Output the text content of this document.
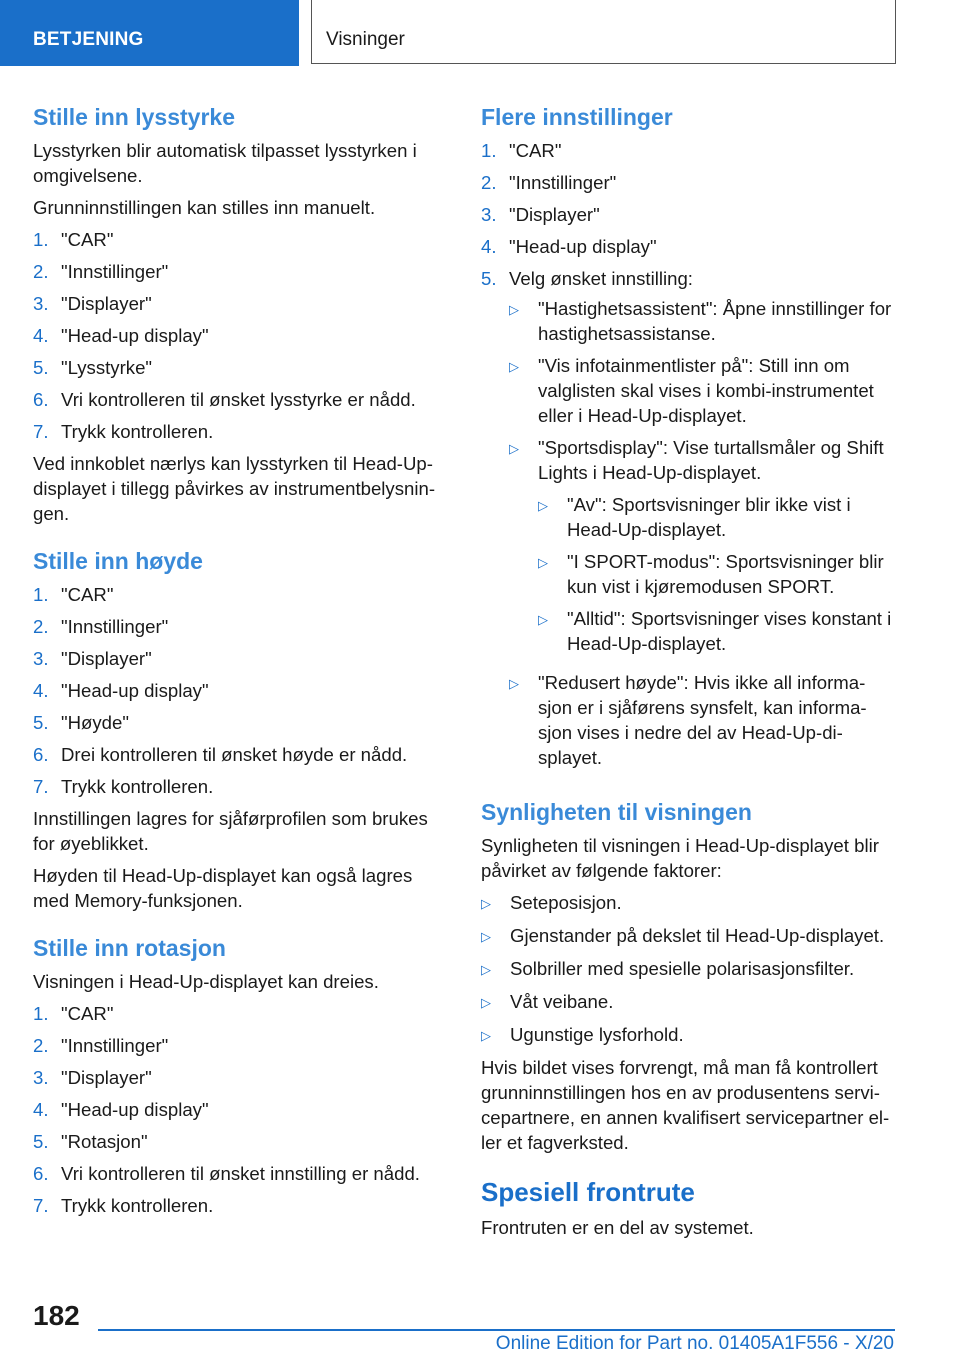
BETJENING	Visninger
Stille inn lysstyrke

Lysstyrken blir automatisk tilpasset lysstyrken i omgivelsene.

Grunninnstillingen kan stilles inn manuelt.

1. "CAR"
2. "Innstillinger"
3. "Displayer"
4. "Head-up display"
5. "Lysstyrke"
6. Vri kontrolleren til ønsket lysstyrke er nådd.
7. Trykk kontrolleren.

Ved innkoblet nærlys kan lysstyrken til Head-Up-displayet i tillegg påvirkes av instrumentbelysnin-gen.

Stille inn høyde
1. "CAR"
2. "Innstillinger"
3. "Displayer"
4. "Head-up display"
5. "Høyde"
6. Drei kontrolleren til ønsket høyde er nådd.
7. Trykk kontrolleren.

Innstillingen lagres for sjåførprofilen som brukes for øyeblikket.

Høyden til Head-Up-displayet kan også lagres med Memory-funksjonen.

Stille inn rotasjon

Visningen i Head-Up-displayet kan dreies.

1. "CAR"
2. "Innstillinger"
3. "Displayer"
4. "Head-up display"
5. "Rotasjon"
6. Vri kontrolleren til ønsket innstilling er nådd.
7. Trykk kontrolleren.
Flere innstillinger
1. "CAR"
2. "Innstillinger"
3. "Displayer"
4. "Head-up display"
5. Velg ønsket innstilling:
▷	"Hastighetsassistent": Åpne innstillinger for hastighetsassistanse.
▷	"Vis infotainmentlister på": Still inn om valglisten skal vises i kombi-instrumentet eller i Head-Up-displayet.
▷	"Sportsdisplay": Vise turtallsmåler og Shift Lights i Head-Up-displayet.
▷	"Av": Sportsvisninger blir ikke vist i Head-Up-displayet.
▷	"I SPORT-modus": Sportsvisninger blir kun vist i kjøremodusen SPORT.
▷	"Alltid": Sportsvisninger vises konstant i Head-Up-displayet.
▷	"Redusert høyde": Hvis ikke all informa-sjon er i sjåførens synsfelt, kan informa-sjon vises i nedre del av Head-Up-di-splayet.
Synligheten til visningen

Synligheten til visningen i Head-Up-displayet blir påvirket av følgende faktorer:

▷	Seteposisjon.
▷	Gjenstander på dekslet til Head-Up-displayet.
▷	Solbriller med spesielle polarisasjonsfilter.
▷	Våt veibane.
▷	Ugunstige lysforhold.

Hvis bildet vises forvrengt, må man få kontrollert grunninnstillingen hos en av produsentens servi-cepartnere, en annen kvalifisert servicepartner el-ler et fagverksted.

Spesiell frontrute

Frontruten er en del av systemet.

182
Online Edition for Part no. 01405A1F556 - X/20
